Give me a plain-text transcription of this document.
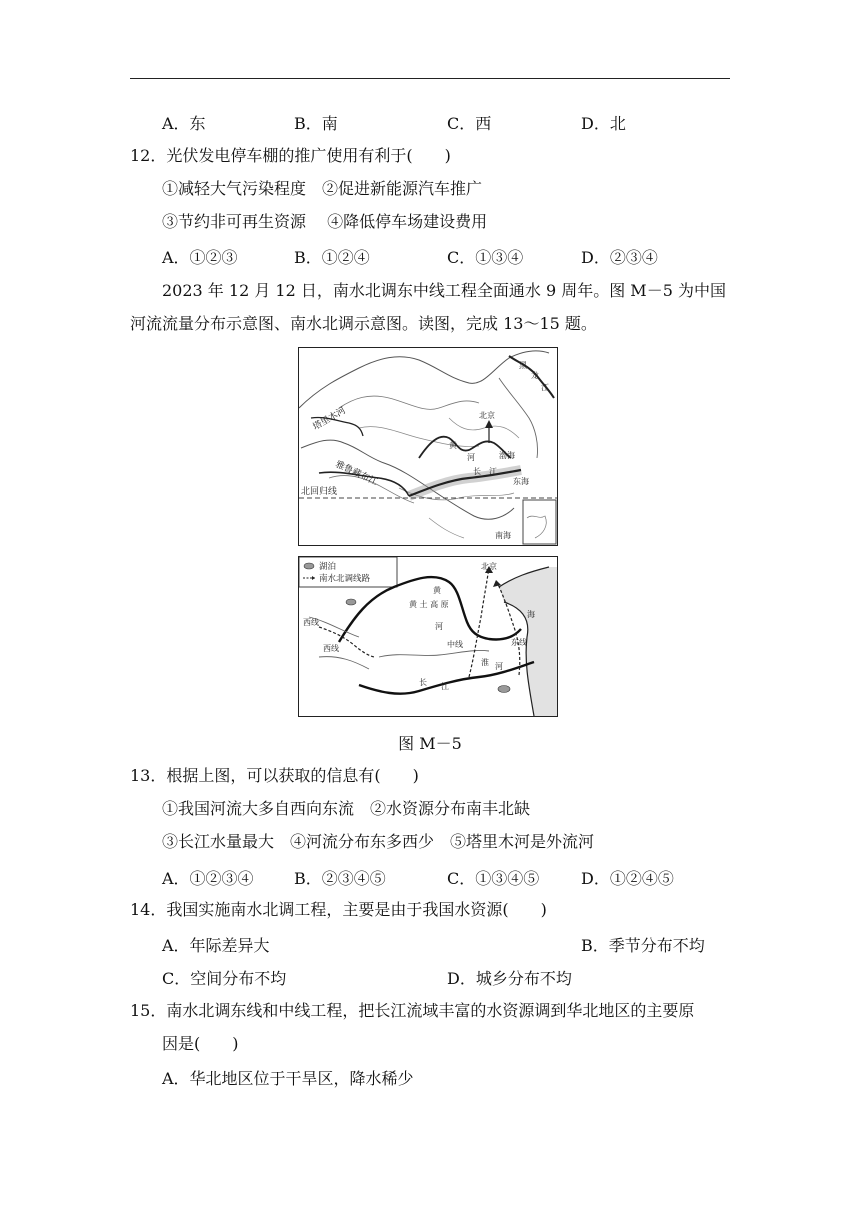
A．东	B．南	C．西	D．北
12．光伏发电停车棚的推广使用有利于(　　)
①减轻大气污染程度　②促进新能源汽车推广
③节约非可再生资源　 ④降低停车场建设费用
A．①②③	B．①②④	C．①③④	D．②③④
2023 年 12 月 12 日，南水北调东中线工程全面通水 9 周年。图 M－5 为中国
河流流量分布示意图、南水北调示意图。读图，完成 13～15 题。
塔里木河
雅鲁藏布江
北回归线
北京
渤海
东海
南海
黑
龙
江
黄
河
长 江
湖泊
南水北调线路
北京
黄 土 高 原
黄
河
海
西线
西线	中线	东线
淮 河
长 江
图 M－5
13．根据上图，可以获取的信息有(　　)
①我国河流大多自西向东流　②水资源分布南丰北缺
③长江水量最大　④河流分布东多西少　⑤塔里木河是外流河
A．①②③④	B．②③④⑤	C．①③④⑤	D．①②④⑤
14．我国实施南水北调工程，主要是由于我国水资源(　　)
A．年际差异大	B．季节分布不均
C．空间分布不均	D．城乡分布不均
15．南水北调东线和中线工程，把长江流域丰富的水资源调到华北地区的主要原
因是(　　)
A．华北地区位于干旱区，降水稀少
